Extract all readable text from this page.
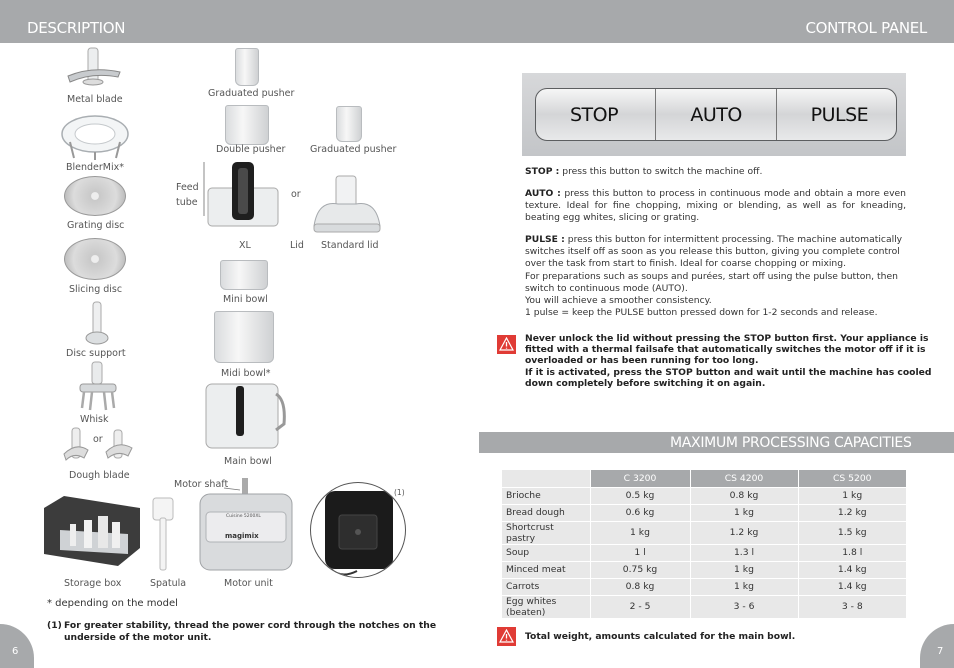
DESCRIPTION	CONTROL PANEL
Metal blade
BlenderMix*
Grating disc
Slicing disc
Disc support
Whisk
or
Dough blade
Graduated pusher
Double pusher	Graduated pusher
Feed
tube
or
XL	Lid Standard lid
Mini bowl
Midi bowl*
Main bowl
Storage box	Spatula
Motor shaft
Cuisine 5200XL
magimix
Motor unit
(1)
* depending on the model
(1) For greater stability, thread the power cord through the notches on the
underside of the motor unit.
STOP	AUTO	PULSE

STOP : press this button to switch the machine off.

AUTO : press this button to process in continuous mode and obtain a more even texture. Ideal for fine chopping, mixing or blending, as well as for kneading, beating egg whites, slicing or grating.

PULSE : press this button for intermittent processing. The machine automatically switches itself off as soon as you release this button, giving you complete control over the task from start to finish. Ideal for coarse chopping or mixing.

For preparations such as soups and purées, start off using the pulse button, then switch to continuous mode (AUTO).

You will achieve a smoother consistency.

1 pulse = keep the PULSE button pressed down for 1-2 seconds and release.

Never unlock the lid without pressing the STOP button first. Your appliance is
fitted with a thermal failsafe that automatically switches the motor off if it is
overloaded or has been running for too long.
If it is activated, press the STOP button and wait until the machine has cooled
down completely before switching it on again.
MAXIMUM PROCESSING CAPACITIES
	C 3200	CS 4200	CS 5200
Brioche	0.5 kg	0.8 kg	1 kg
Bread dough	0.6 kg	1 kg	1.2 kg
Shortcrust pastry	1 kg	1.2 kg	1.5 kg
Soup	1 l	1.3 l	1.8 l
Minced meat	0.75 kg	1 kg	1.4 kg
Carrots	0.8 kg	1 kg	1.4 kg
Egg whites (beaten)	2 - 5	3 - 6	3 - 8
Total weight, amounts calculated for the main bowl.
6	7
